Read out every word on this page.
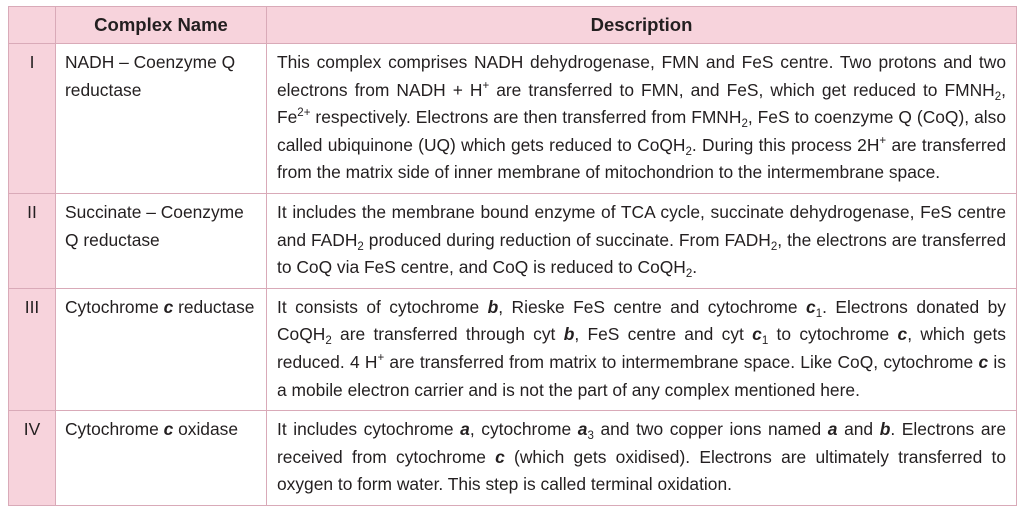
	Complex Name	Description
I	NADH – Coenzyme Q reductase	This complex comprises NADH dehydrogenase, FMN and FeS centre. Two protons and two electrons from NADH + H+ are transferred to FMN, and FeS, which get reduced to $FMNH_2$, $Fe^{2+}$ respectively. Electrons are then transferred from $FMNH_2$, FeS to coenzyme Q (CoQ), also called ubiquinone (UQ) which gets reduced to CoQH$_2$. During this process 2H+ are transferred from the matrix side of inner membrane of mitochondrion to the intermembrane space.
II	Succinate – Coenzyme Q reductase	It includes the membrane bound enzyme of TCA cycle, succinate dehydrogenase, FeS centre and $FADH_2$ produced during reduction of succinate. From $FADH_2$, the electrons are transferred to CoQ via FeS centre, and CoQ is reduced to CoQH$_2$.
III	Cytochrome c reductase	It consists of cytochrome b, Rieske FeS centre and cytochrome $c_1$. Electrons donated by CoQH$_2$ are transferred through cyt b, FeS centre and cyt $c_1$ to cytochrome c, which gets reduced. 4 H+ are transferred from matrix to intermembrane space. Like CoQ, cytochrome c is a mobile electron carrier and is not the part of any complex mentioned here.
IV	Cytochrome c oxidase	It includes cytochrome a, cytochrome $a_3$ and two copper ions named a and b. Electrons are received from cytochrome c (which gets oxidised). Electrons are ultimately transferred to oxygen to form water. This step is called terminal oxidation.
